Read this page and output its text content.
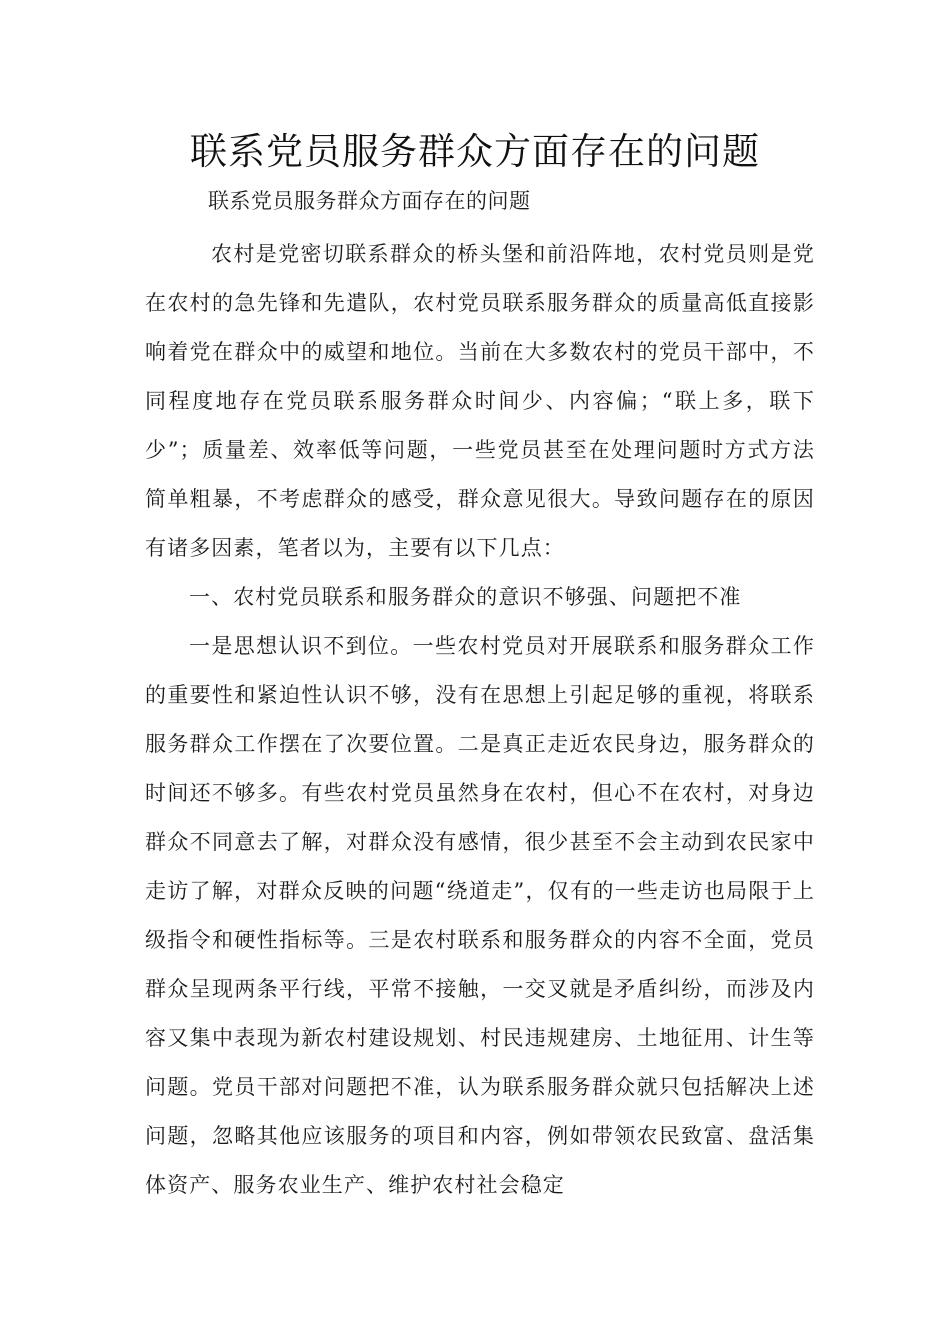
联系党员服务群众方面存在的问题

联系党员服务群众方面存在的问题

农村是党密切联系群众的桥头堡和前沿阵地，农村党员则是党在农村的急先锋和先遣队，农村党员联系服务群众的质量高低直接影响着党在群众中的威望和地位。当前在大多数农村的党员干部中，不同程度地存在党员联系服务群众时间少、内容偏；“联上多，联下少”；质量差、效率低等问题，一些党员甚至在处理问题时方式方法简单粗暴，不考虑群众的感受，群众意见很大。导致问题存在的原因有诸多因素，笔者以为，主要有以下几点：

一、农村党员联系和服务群众的意识不够强、问题把不准

一是思想认识不到位。一些农村党员对开展联系和服务群众工作的重要性和紧迫性认识不够，没有在思想上引起足够的重视，将联系服务群众工作摆在了次要位置。二是真正走近农民身边，服务群众的时间还不够多。有些农村党员虽然身在农村，但心不在农村，对身边群众不同意去了解，对群众没有感情，很少甚至不会主动到农民家中走访了解，对群众反映的问题“绕道走”，仅有的一些走访也局限于上级指令和硬性指标等。三是农村联系和服务群众的内容不全面，党员群众呈现两条平行线，平常不接触，一交叉就是矛盾纠纷，而涉及内容又集中表现为新农村建设规划、村民违规建房、土地征用、计生等问题。党员干部对问题把不准，认为联系服务群众就只包括解决上述问题，忽略其他应该服务的项目和内容，例如带领农民致富、盘活集体资产、服务农业生产、维护农村社会稳定
